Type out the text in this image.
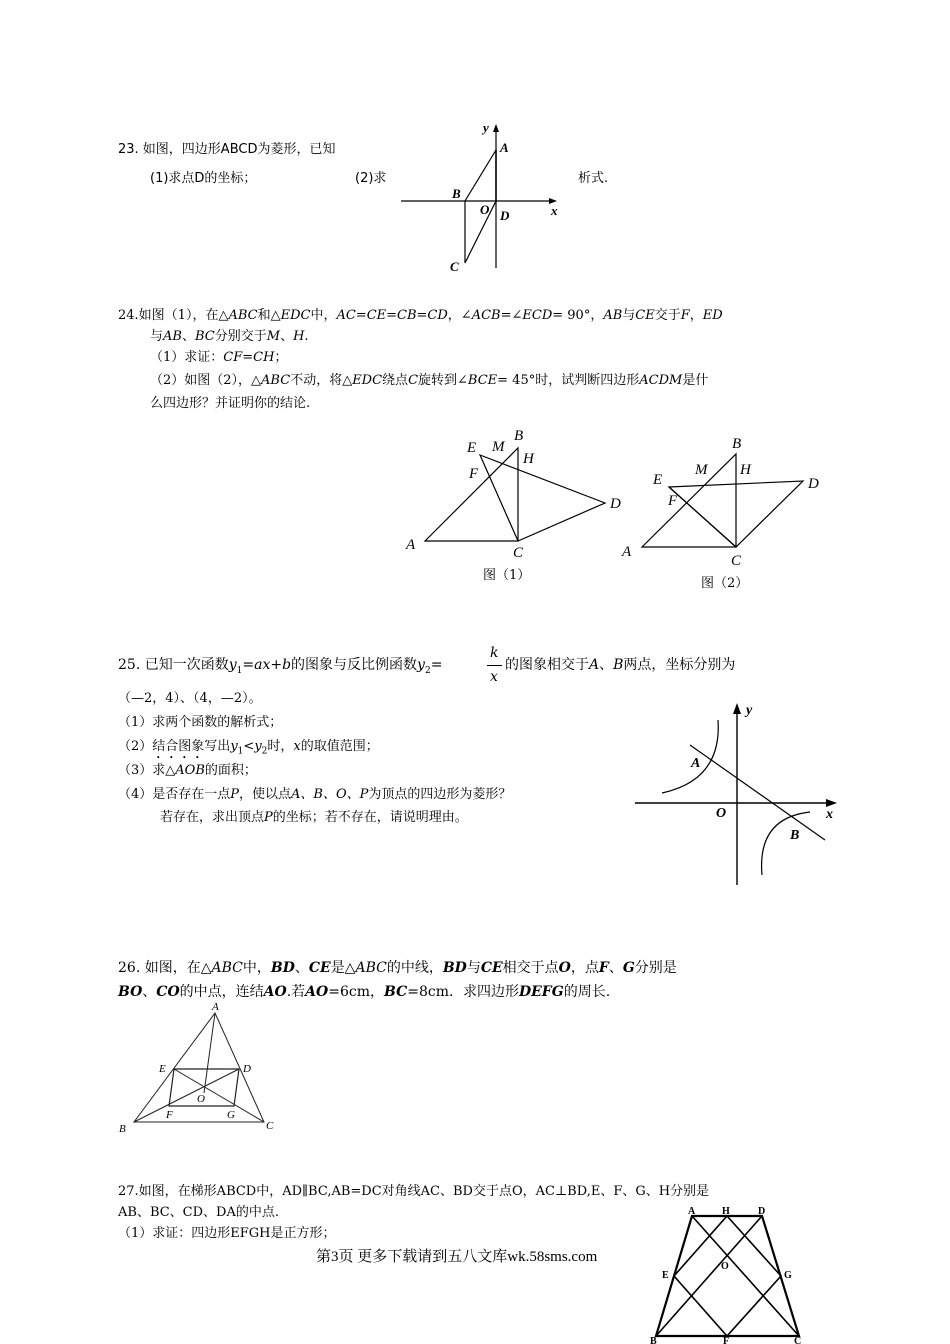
23. 如图，四边形ABCD为菱形，已知
(1)求点D的坐标；	(2)求	析式.
y
A
B
O D	x
C
24.如图（1），在△ABC和△EDC中，AC=CE=CB=CD，∠ACB=∠ECD= 90°，AB与CE交于F，ED
与AB、BC分别交于M、H.
（1）求证：CF=CH；
（2）如图（2），△ABC不动，将△EDC绕点C旋转到∠BCE= 45°时，试判断四边形ACDM是什
么四边形？并证明你的结论.
A
B
C
D
E
F
M
H
图（1）
A
B
C
D
E
F
M H
图（2）
25. 已知一次函数$y_1=ax+b$的图象与反比例函数$y_2=$
k
x
的图象相交于A、B两点，坐标分别为
（—2，4）、（4，—2）。
（1）求两个函数的解析式；
（2）结合图象写出$y_1<y_2$时，x的取值范围；
（3）求△AOB的面积；
（4）是否存在一点P，使以点A、B、O、P为顶点的四边形为菱形？
若存在，求出顶点P的坐标；若不存在，请说明理由。
y
A
O	x
B
26. 如图，在△ABC中，BD、CE是△ABC的中线，BD与CE相交于点O，点F、G分别是
BO、CO的中点，连结AO.若AO=6cm，BC=8cm．求四边形DEFG的周长.
A
E	D
O
F	G
B	C
27.如图，在梯形ABCD中，AD∥BC,AB=DC对角线AC、BD交于点O，AC⊥BD,E、F、G、H分别是
AB、BC、CD、DA的中点.
（1）求证：四边形EFGH是正方形；
A	H	D
E
O
G
B	F	C
第3页 更多下载请到五八文库wk.58sms.com
